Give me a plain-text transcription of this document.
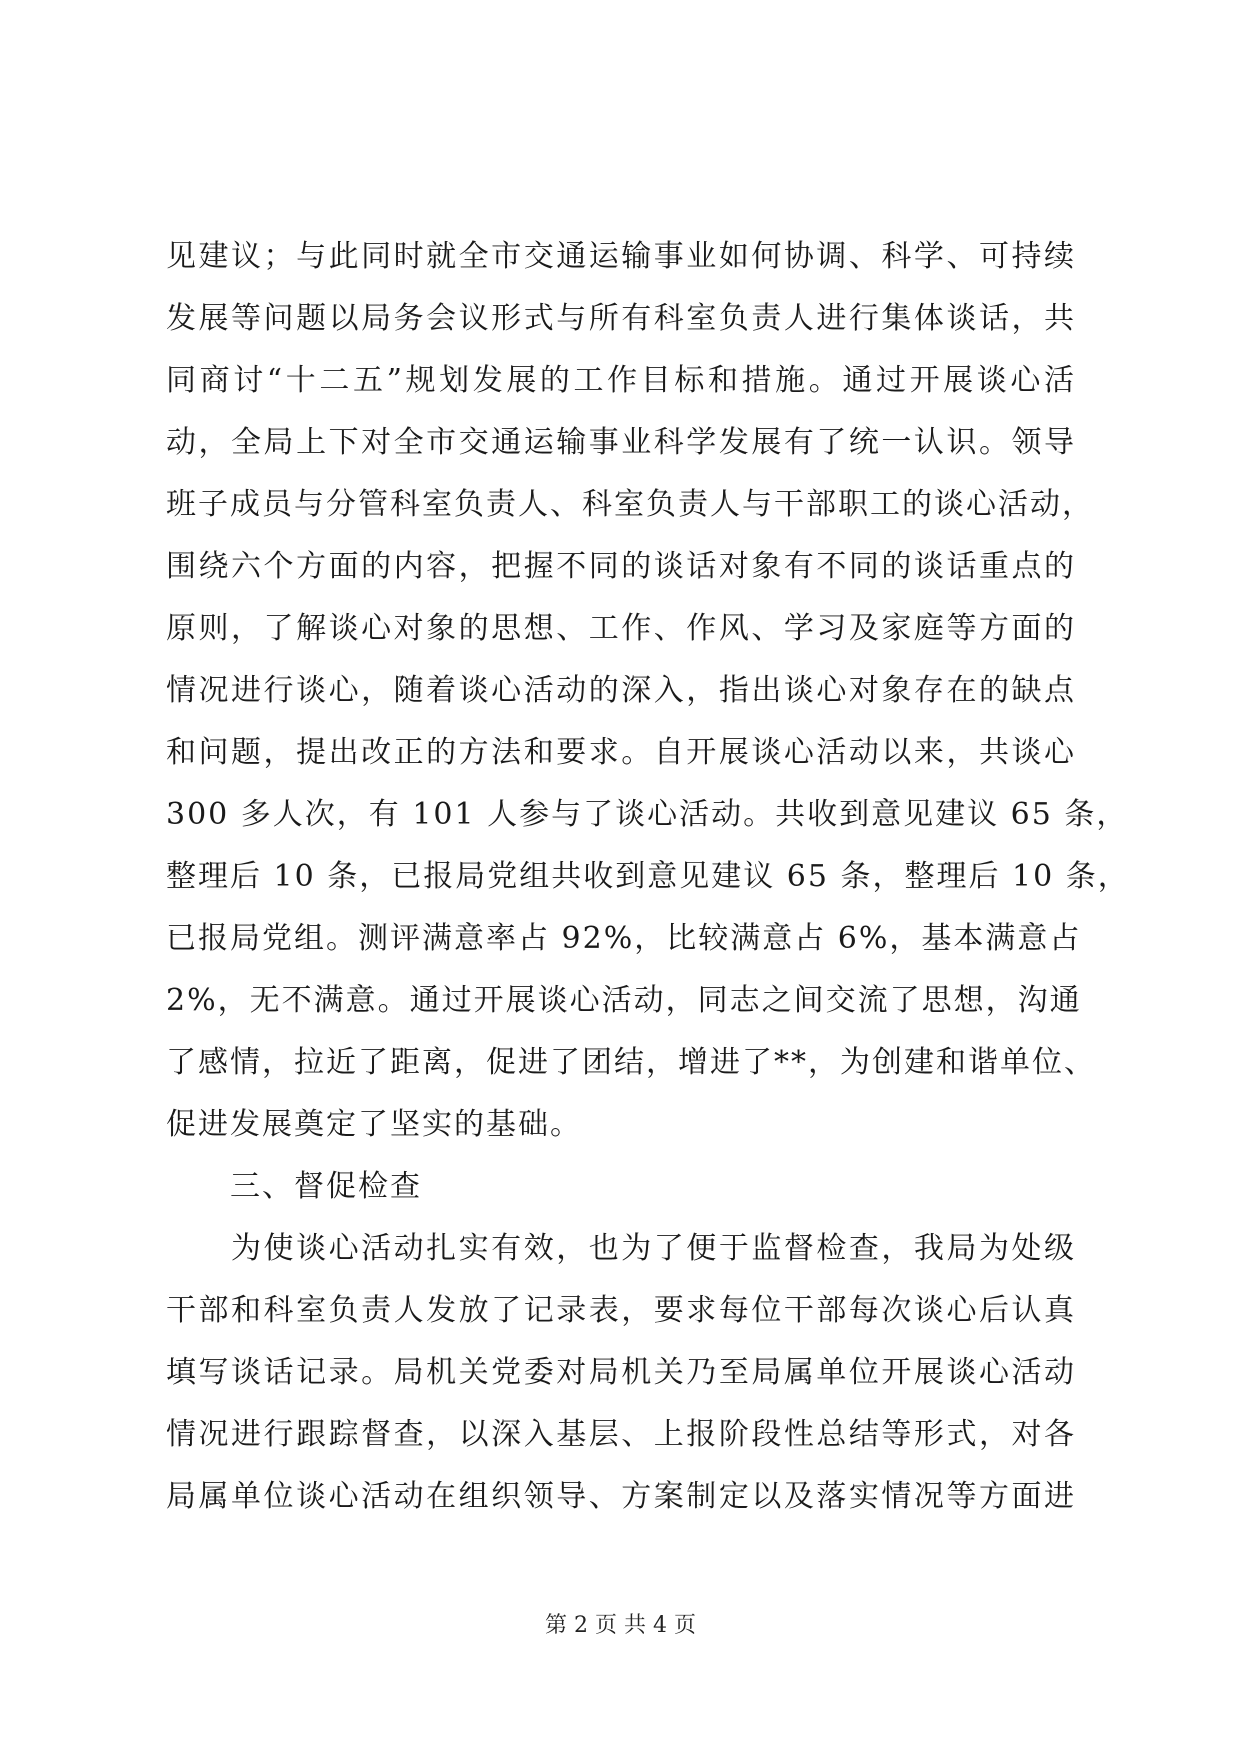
见建议；与此同时就全市交通运输事业如何协调、科学、可持续
发展等问题以局务会议形式与所有科室负责人进行集体谈话，共
同商讨“十二五”规划发展的工作目标和措施。通过开展谈心活
动，全局上下对全市交通运输事业科学发展有了统一认识。领导
班子成员与分管科室负责人、科室负责人与干部职工的谈心活动，
围绕六个方面的内容，把握不同的谈话对象有不同的谈话重点的
原则，了解谈心对象的思想、工作、作风、学习及家庭等方面的
情况进行谈心，随着谈心活动的深入，指出谈心对象存在的缺点
和问题，提出改正的方法和要求。自开展谈心活动以来，共谈心
300 多人次，有 101 人参与了谈心活动。共收到意见建议 65 条，
整理后 10 条，已报局党组共收到意见建议 65 条，整理后 10 条，
已报局党组。测评满意率占 92%，比较满意占 6%，基本满意占
2%，无不满意。通过开展谈心活动，同志之间交流了思想，沟通
了感情，拉近了距离，促进了团结，增进了**，为创建和谐单位、
促进发展奠定了坚实的基础。
三、督促检查
　　为使谈心活动扎实有效，也为了便于监督检查，我局为处级
干部和科室负责人发放了记录表，要求每位干部每次谈心后认真
填写谈话记录。局机关党委对局机关乃至局属单位开展谈心活动
情况进行跟踪督查，以深入基层、上报阶段性总结等形式，对各
局属单位谈心活动在组织领导、方案制定以及落实情况等方面进
第 2 页 共 4 页
